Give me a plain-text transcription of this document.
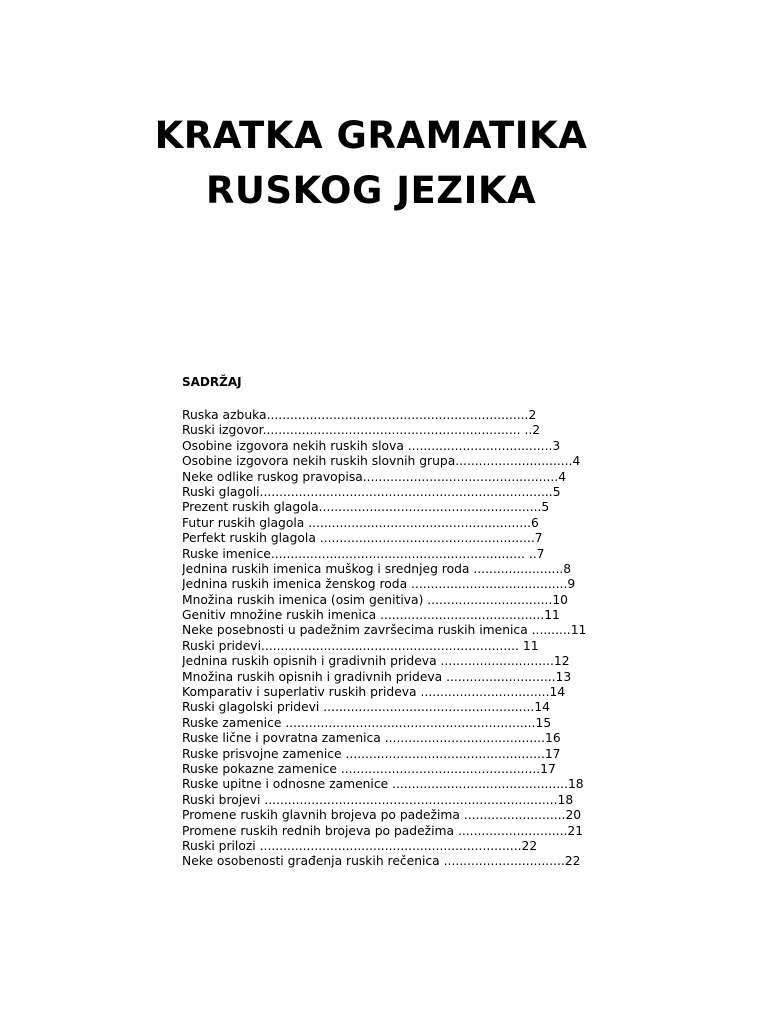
KRATKA GRAMATIKA
RUSKOG JEZIKA
SADRŽAJ
Ruska azbuka...................................................................2
Ruski izgovor.................................................................. ..2
Osobine izgovora nekih ruskih slova .....................................3
Osobine izgovora nekih ruskih slovnih grupa..............................4
Neke odlike ruskog pravopisa..................................................4
Ruski glagoli...........................................................................5
Prezent ruskih glagola.........................................................5
Futur ruskih glagola .........................................................6
Perfekt ruskih glagola .......................................................7
Ruske imenice................................................................. ..7
Jednina ruskih imenica muškog i srednjeg roda .......................8
Jednina ruskih imenica ženskog roda ........................................9
Množina ruskih imenica (osim genitiva) ................................10
Genitiv množine ruskih imenica ..........................................11
Neke posebnosti u padežnim završecima ruskih imenica ..........11
Ruski pridevi.................................................................. 11
Jednina ruskih opisnih i gradivnih prideva .............................12
Množina ruskih opisnih i gradivnih prideva ............................13
Komparativ i superlativ ruskih prideva .................................14
Ruski glagolski pridevi ......................................................14
Ruske zamenice ................................................................15
Ruske lične i povratna zamenica .........................................16
Ruske prisvojne zamenice ...................................................17
Ruske pokazne zamenice ...................................................17
Ruske upitne i odnosne zamenice .............................................18
Ruski brojevi ...........................................................................18
Promene ruskih glavnih brojeva po padežima ..........................20
Promene ruskih rednih brojeva po padežima ............................21
Ruski prilozi ...................................................................22
Neke osobenosti građenja ruskih rečenica ...............................22
